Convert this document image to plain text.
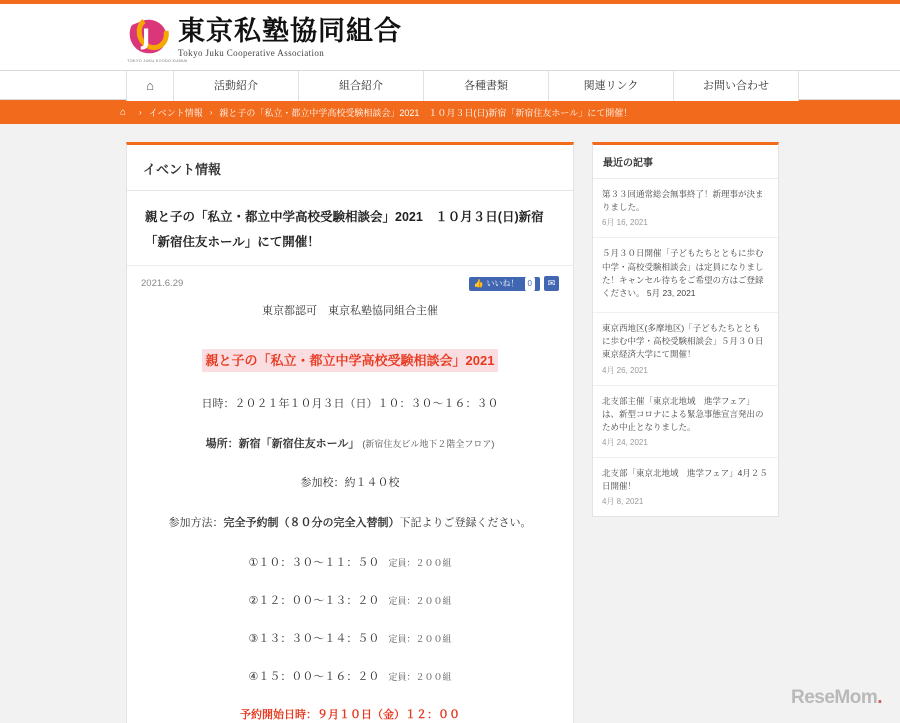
J 東京私塾協同組合
Tokyo Juku Cooperative Association
TOKYO JUKU KYODO KUMIAI
⌂	活動紹介	組合紹介	各種書類	関連リンク	お問い合わせ
⌂ › イベント情報 › 親と子の「私立・都立中学高校受験相談会」2021　１０月３日(日)新宿「新宿住友ホール」にて開催！
イベント情報
親と子の「私立・都立中学高校受験相談会」2021　１０月３日(日)新宿「新宿住友ホール」にて開催！
2021.6.29	👍 いいね！	0	✉

東京都認可　東京私塾協同組合主催

親と子の「私立・都立中学高校受験相談会」2021

日時：２０２１年１０月３日（日）１０：３０〜１６：３０

場所：新宿「新宿住友ホール」 (新宿住友ビル地下２階全フロア)

参加校：約１４０校

参加方法：完全予約制（８０分の完全入替制）下記よりご登録ください。

①１０：３０〜１１：５０ 定員：２００組

②１２：００〜１３：２０ 定員：２００組

③１３：３０〜１４：５０ 定員：２００組

④１５：００〜１６：２０ 定員：２００組

予約開始日時：９月１０日（金）１２：００

最近の記事
第３３回通常総会無事終了！新理事が決まりました。
6月 16, 2021
５月３０日開催「子どもたちとともに歩む中学・高校受験相談会」は定員になりました！キャンセル待ちをご希望の方はご登録ください。 5月 23, 2021
東京西地区(多摩地区)「子どもたちとともに歩む中学・高校受験相談会」５月３０日東京経済大学にて開催！
4月 26, 2021
北支部主催「東京北地域　進学フェア」は、新型コロナによる緊急事態宣言発出のため中止となりました。
4月 24, 2021
北支部「東京北地域　進学フェア」4月２５日開催！
4月 8, 2021
ReseMom.
